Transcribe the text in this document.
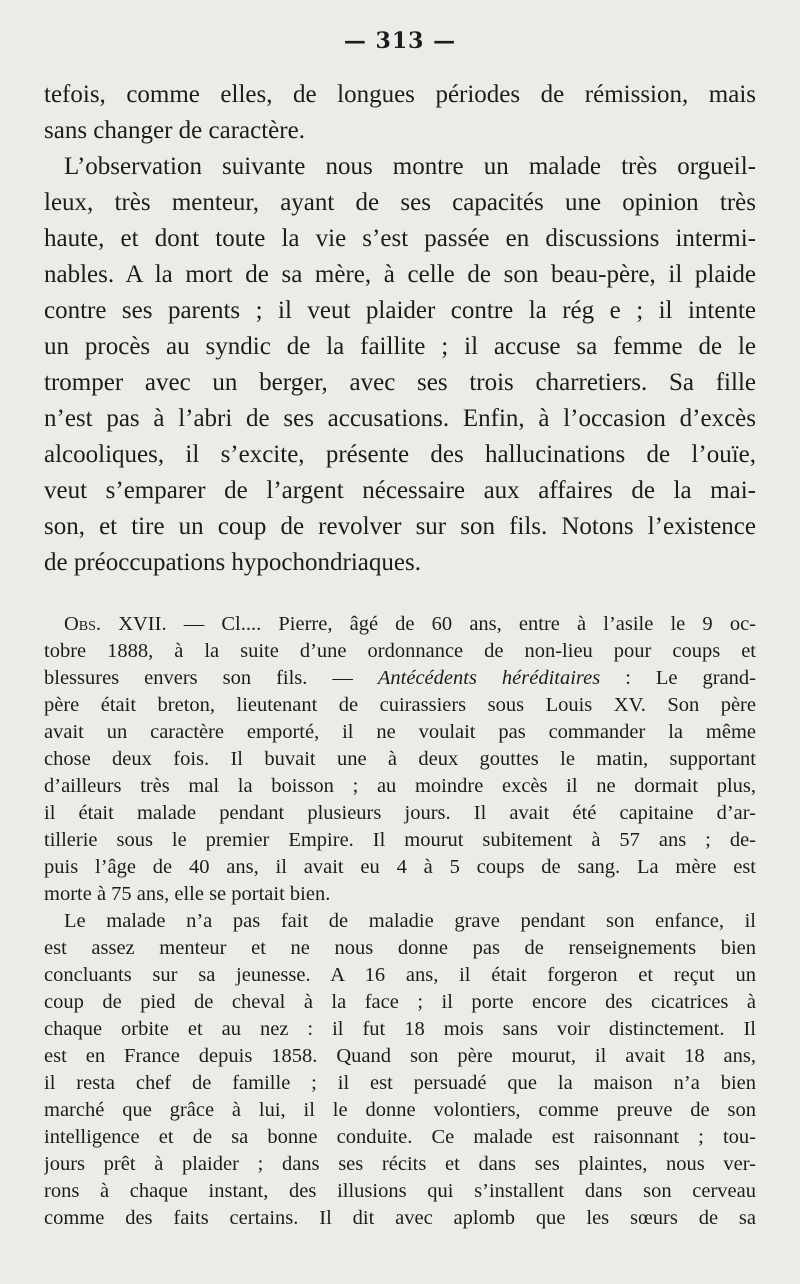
— 313 —
tefois, comme elles, de longues périodes de rémission, mais
sans changer de caractère.
L’observation suivante nous montre un malade très orgueil-
leux, très menteur, ayant de ses capacités une opinion très
haute, et dont toute la vie s’est passée en discussions intermi-
nables. A la mort de sa mère, à celle de son beau-père, il plaide
contre ses parents ; il veut plaider contre la rég e ; il intente
un procès au syndic de la faillite ; il accuse sa femme de le
tromper avec un berger, avec ses trois charretiers. Sa fille
n’est pas à l’abri de ses accusations. Enfin, à l’occasion d’excès
alcooliques, il s’excite, présente des hallucinations de l’ouïe,
veut s’emparer de l’argent nécessaire aux affaires de la mai-
son, et tire un coup de revolver sur son fils. Notons l’existence
de préoccupations hypochondriaques.
Obs. XVII. — Cl.... Pierre, âgé de 60 ans, entre à l’asile le 9 oc-
tobre 1888, à la suite d’une ordonnance de non-lieu pour coups et
blessures envers son fils. — Antécédents héréditaires : Le grand-
père était breton, lieutenant de cuirassiers sous Louis XV. Son père
avait un caractère emporté, il ne voulait pas commander la même
chose deux fois. Il buvait une à deux gouttes le matin, supportant
d’ailleurs très mal la boisson ; au moindre excès il ne dormait plus,
il était malade pendant plusieurs jours. Il avait été capitaine d’ar-
tillerie sous le premier Empire. Il mourut subitement à 57 ans ; de-
puis l’âge de 40 ans, il avait eu 4 à 5 coups de sang. La mère est
morte à 75 ans, elle se portait bien.
Le malade n’a pas fait de maladie grave pendant son enfance, il
est assez menteur et ne nous donne pas de renseignements bien
concluants sur sa jeunesse. A 16 ans, il était forgeron et reçut un
coup de pied de cheval à la face ; il porte encore des cicatrices à
chaque orbite et au nez : il fut 18 mois sans voir distinctement. Il
est en France depuis 1858. Quand son père mourut, il avait 18 ans,
il resta chef de famille ; il est persuadé que la maison n’a bien
marché que grâce à lui, il le donne volontiers, comme preuve de son
intelligence et de sa bonne conduite. Ce malade est raisonnant ; tou-
jours prêt à plaider ; dans ses récits et dans ses plaintes, nous ver-
rons à chaque instant, des illusions qui s’installent dans son cerveau
comme des faits certains. Il dit avec aplomb que les sœurs de sa
